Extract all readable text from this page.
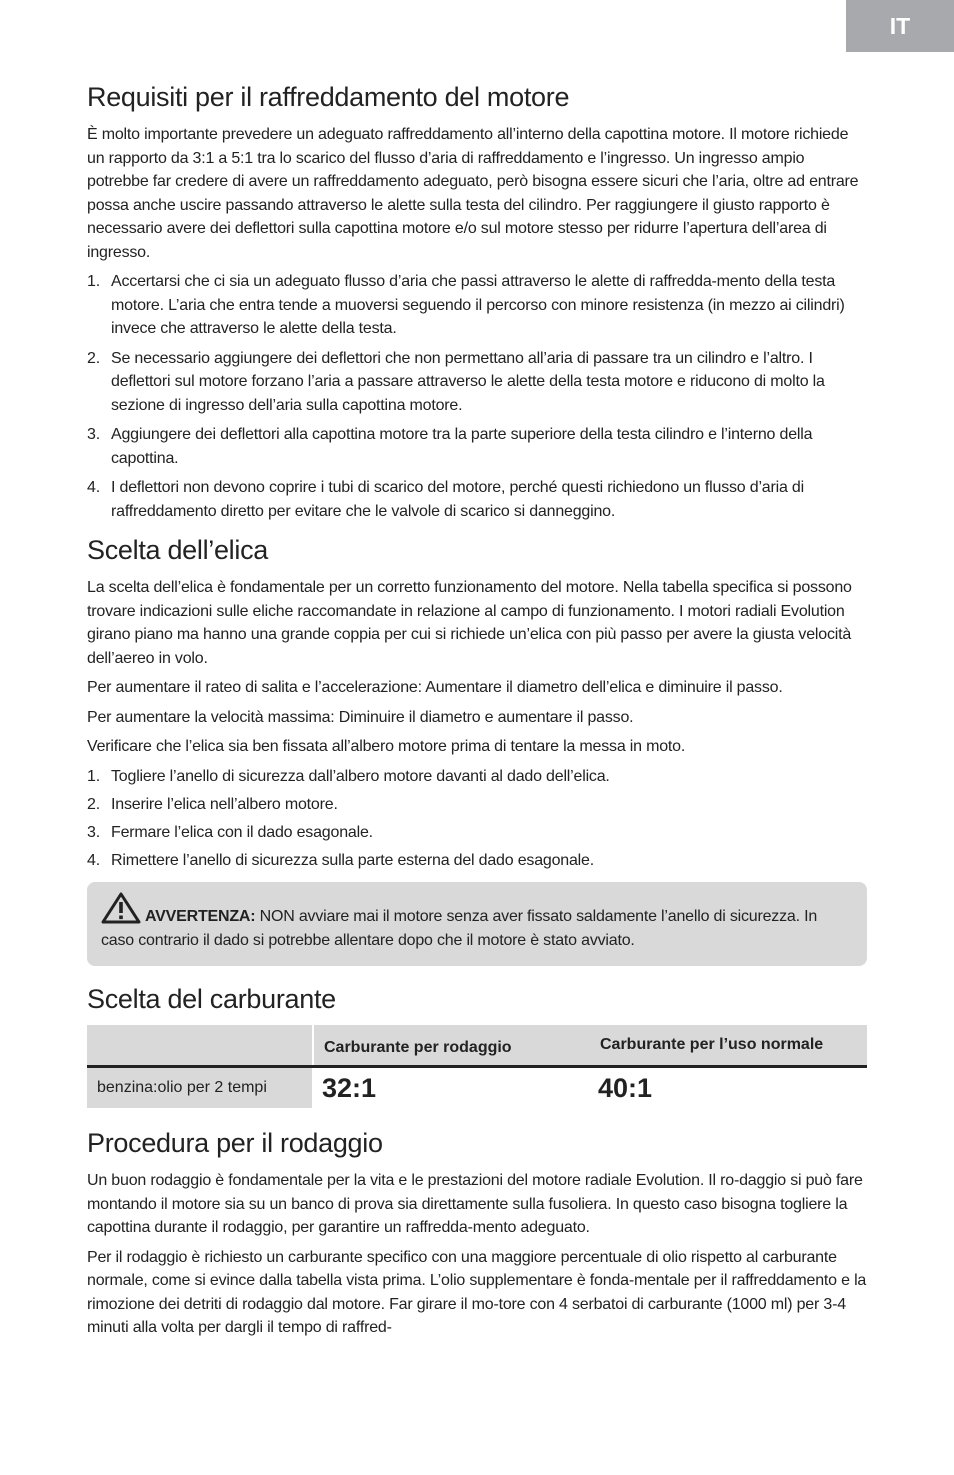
IT
Requisiti per il raffreddamento del motore

È molto importante prevedere un adeguato raffreddamento all’interno della capottina motore. Il motore richiede un rapporto da 3:1 a 5:1 tra lo scarico del flusso d’aria di raffreddamento e l’ingresso. Un ingresso ampio potrebbe far credere di avere un raffreddamento adeguato, però bisogna essere sicuri che l’aria, oltre ad entrare possa anche uscire passando attraverso le alette sulla testa del cilindro. Per raggiungere il giusto rapporto è necessario avere dei deflettori sulla capottina motore e/o sul motore stesso per ridurre l’apertura dell’area di ingresso.

1. Accertarsi che ci sia un adeguato flusso d’aria che passi attraverso le alette di raffredda-mento della testa motore. L’aria che entra tende a muoversi seguendo il percorso con minore resistenza (in mezzo ai cilindri) invece che attraverso le alette della testa.
2. Se necessario aggiungere dei deflettori che non permettano all’aria di passare tra un cilindro e l’altro. I deflettori sul motore forzano l’aria a passare attraverso le alette della testa motore e riducono di molto la sezione di ingresso dell’aria sulla capottina motore.
3. Aggiungere dei deflettori alla capottina motore tra la parte superiore della testa cilindro e l’interno della capottina.
4. I deflettori non devono coprire i tubi di scarico del motore, perché questi richiedono un flusso d’aria di raffreddamento diretto per evitare che le valvole di scarico si danneggino.
Scelta dell’elica

La scelta dell’elica è fondamentale per un corretto funzionamento del motore. Nella tabella specifica si possono trovare indicazioni sulle eliche raccomandate in relazione al campo di funzionamento. I motori radiali Evolution girano piano ma hanno una grande coppia per cui si richiede un’elica con più passo per avere la giusta velocità dell’aereo in volo.

Per aumentare il rateo di salita e l’accelerazione: Aumentare il diametro dell’elica e diminuire il passo.

Per aumentare la velocità massima: Diminuire il diametro e aumentare il passo.

Verificare che l’elica sia ben fissata all’albero motore prima di tentare la messa in moto.

1. Togliere l’anello di sicurezza dall’albero motore davanti al dado dell’elica.
2. Inserire l’elica nell’albero motore.
3. Fermare l’elica con il dado esagonale.
4. Rimettere l’anello di sicurezza sulla parte esterna del dado esagonale.
AVVERTENZA: NON avviare mai il motore senza aver fissato saldamente l’anello di sicurezza. In caso contrario il dado si potrebbe allentare dopo che il motore è stato avviato.
Scelta del carburante
	Carburante per rodaggio	Carburante per l’uso normale
benzina:olio per 2 tempi	32:1	40:1
Procedura per il rodaggio

Un buon rodaggio è fondamentale per la vita e le prestazioni del motore radiale Evolution. Il ro-daggio si può fare montando il motore sia su un banco di prova sia direttamente sulla fusoliera. In questo caso bisogna togliere la capottina durante il rodaggio, per garantire un raffredda-mento adeguato.

Per il rodaggio è richiesto un carburante specifico con una maggiore percentuale di olio rispetto al carburante normale, come si evince dalla tabella vista prima. L’olio supplementare è fonda-mentale per il raffreddamento e la rimozione dei detriti di rodaggio dal motore. Far girare il mo-tore con 4 serbatoi di carburante (1000 ml) per 3-4 minuti alla volta per dargli il tempo di raffred-
